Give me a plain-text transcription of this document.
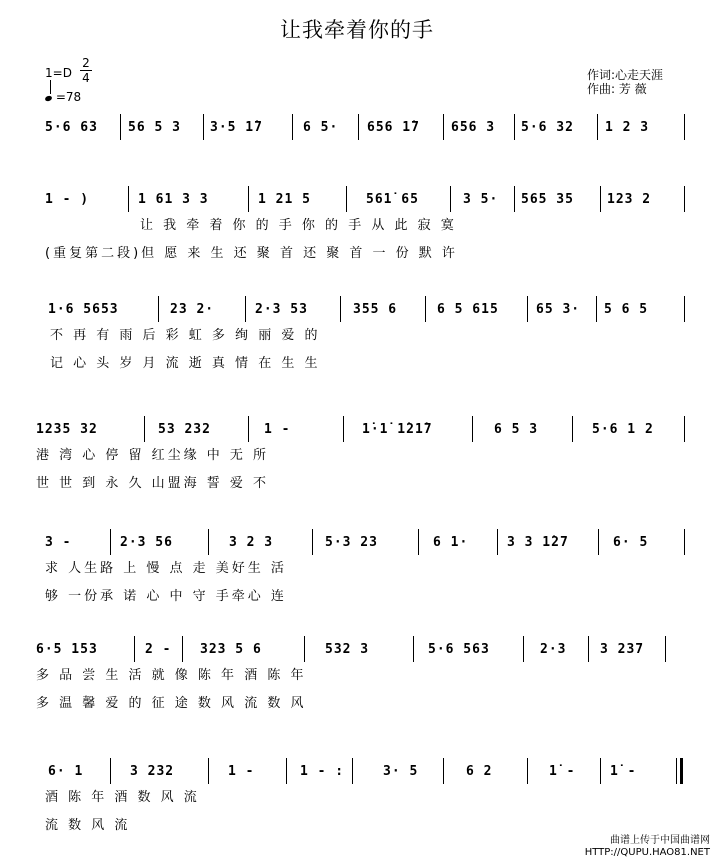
让我牵着你的手
1=D
2
4
=78
作词:心走天涯
作曲: 芳 薇
5·6 63 56 5 3 3·5 1̇7	6 5· 656 1̇7 656 3 5·6 32 1 2 3
1 - )	1 61 3 3	1 21 5	561̇ 65	3 5· 565 35	123 2
让 我 牵 着 你 的 手 你 的 手 从 此 寂 寞
(重复第二段)但 愿 来 生 还 聚 首 还 聚 首 一 份 默 许
1·6 5653	23 2·	2·3 53	355 6	6 5 615	65 3· 5 6 5
不 再 有 雨 后 彩 虹 多 绚 丽 爱 的
记 心 头 岁 月 流 逝 真 情 在 生 生
1235 32	53 232	1 -	1̇·1̇ 1̇21̇7	6 5 3	5·6 1 2
港 湾 心 停 留 红尘缘 中 无 所
世 世 到 永 久 山盟海 誓 爱 不
3 -	2·3 56	3 2 3	5·3 23	6 1·	3 3 1̇27	6· 5
求 人生路 上 慢 点 走 美好生 活
够 一份承 诺 心 中 守 手牵心 连
6·5 153	2 - 323 5 6	532 3	5·6 563	2·3	3 237
多 品 尝 生 活 就 像 陈 年 酒 陈 年
多 温 馨 爱 的 征 途 数 风 流 数 风
6· 1	3 232	1 -	1 - :	3· 5	6 2	1̇ -	1̇ -
酒 陈 年 酒 数 风 流
流 数 风 流
曲谱上传于中国曲谱网
HTTP://QUPU.HAO81.NET
